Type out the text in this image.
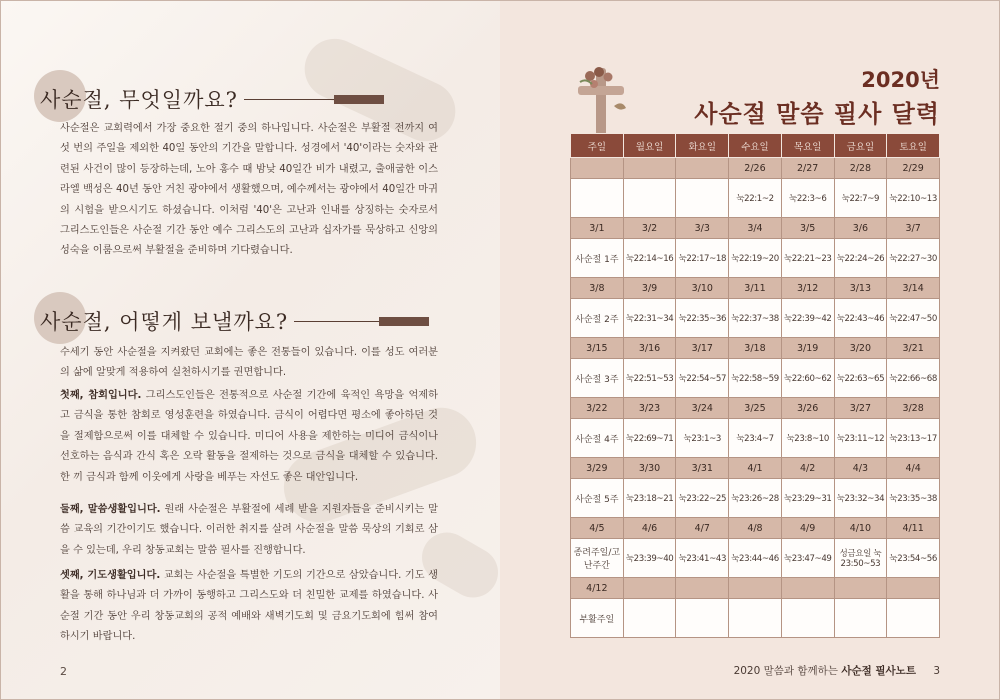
사순절, 무엇일까요?

사순절은 교회력에서 가장 중요한 절기 중의 하나입니다. 사순절은 부활절 전까지 여섯 번의 주일을 제외한 40일 동안의 기간을 말합니다. 성경에서 '40'이라는 숫자와 관련된 사건이 많이 등장하는데, 노아 홍수 때 밤낮 40일간 비가 내렸고, 출애굽한 이스라엘 백성은 40년 동안 거친 광야에서 생활했으며, 예수께서는 광야에서 40일간 마귀의 시험을 받으시기도 하셨습니다. 이처럼 '40'은 고난과 인내를 상징하는 숫자로서 그리스도인들은 사순절 기간 동안 예수 그리스도의 고난과 십자가를 묵상하고 신앙의 성숙을 이룸으로써 부활절을 준비하며 기다렸습니다.

사순절, 어떻게 보낼까요?

수세기 동안 사순절을 지켜왔던 교회에는 좋은 전통들이 있습니다. 이를 성도 여러분의 삶에 알맞게 적용하여 실천하시기를 권면합니다.

첫째, 참회입니다. 그리스도인들은 전통적으로 사순절 기간에 육적인 욕망을 억제하고 금식을 통한 참회로 영성훈련을 하였습니다. 금식이 어렵다면 평소에 좋아하던 것을 절제함으로써 이를 대체할 수 있습니다. 미디어 사용을 제한하는 미디어 금식이나 선호하는 음식과 간식 혹은 오락 활동을 절제하는 것으로 금식을 대체할 수 있습니다. 한 끼 금식과 함께 이웃에게 사랑을 베푸는 자선도 좋은 대안입니다.
둘째, 말씀생활입니다. 원래 사순절은 부활절에 세례 받을 지원자들을 준비시키는 말씀 교육의 기간이기도 했습니다. 이러한 취지를 살려 사순절을 말씀 묵상의 기회로 삼을 수 있는데, 우리 창동교회는 말씀 필사를 진행합니다.
셋째, 기도생활입니다. 교회는 사순절을 특별한 기도의 기간으로 삼았습니다. 기도 생활을 통해 하나님과 더 가까이 동행하고 그리스도와 더 친밀한 교제를 하였습니다. 사순절 기간 동안 우리 창동교회의 공적 예배와 새벽기도회 및 금요기도회에 힘써 참여하시기 바랍니다.
2
2020년
사순절 말씀 필사 달력
주일	월요일	화요일	수요일	목요일	금요일	토요일
			2/26	2/27	2/28	2/29
			눅22:1~2	눅22:3~6	눅22:7~9	눅22:10~13
3/1	3/2	3/3	3/4	3/5	3/6	3/7
사순절 1주	눅22:14~16	눅22:17~18	눅22:19~20	눅22:21~23	눅22:24~26	눅22:27~30
3/8	3/9	3/10	3/11	3/12	3/13	3/14
사순절 2주	눅22:31~34	눅22:35~36	눅22:37~38	눅22:39~42	눅22:43~46	눅22:47~50
3/15	3/16	3/17	3/18	3/19	3/20	3/21
사순절 3주	눅22:51~53	눅22:54~57	눅22:58~59	눅22:60~62	눅22:63~65	눅22:66~68
3/22	3/23	3/24	3/25	3/26	3/27	3/28
사순절 4주	눅22:69~71	눅23:1~3	눅23:4~7	눅23:8~10	눅23:11~12	눅23:13~17
3/29	3/30	3/31	4/1	4/2	4/3	4/4
사순절 5주	눅23:18~21	눅23:22~25	눅23:26~28	눅23:29~31	눅23:32~34	눅23:35~38
4/5	4/6	4/7	4/8	4/9	4/10	4/11
종려주일/고난주간	눅23:39~40	눅23:41~43	눅23:44~46	눅23:47~49	성금요일 눅23:50~53	눅23:54~56
4/12						
부활주일						
2020 말씀과 함께하는 사순절 필사노트 3
